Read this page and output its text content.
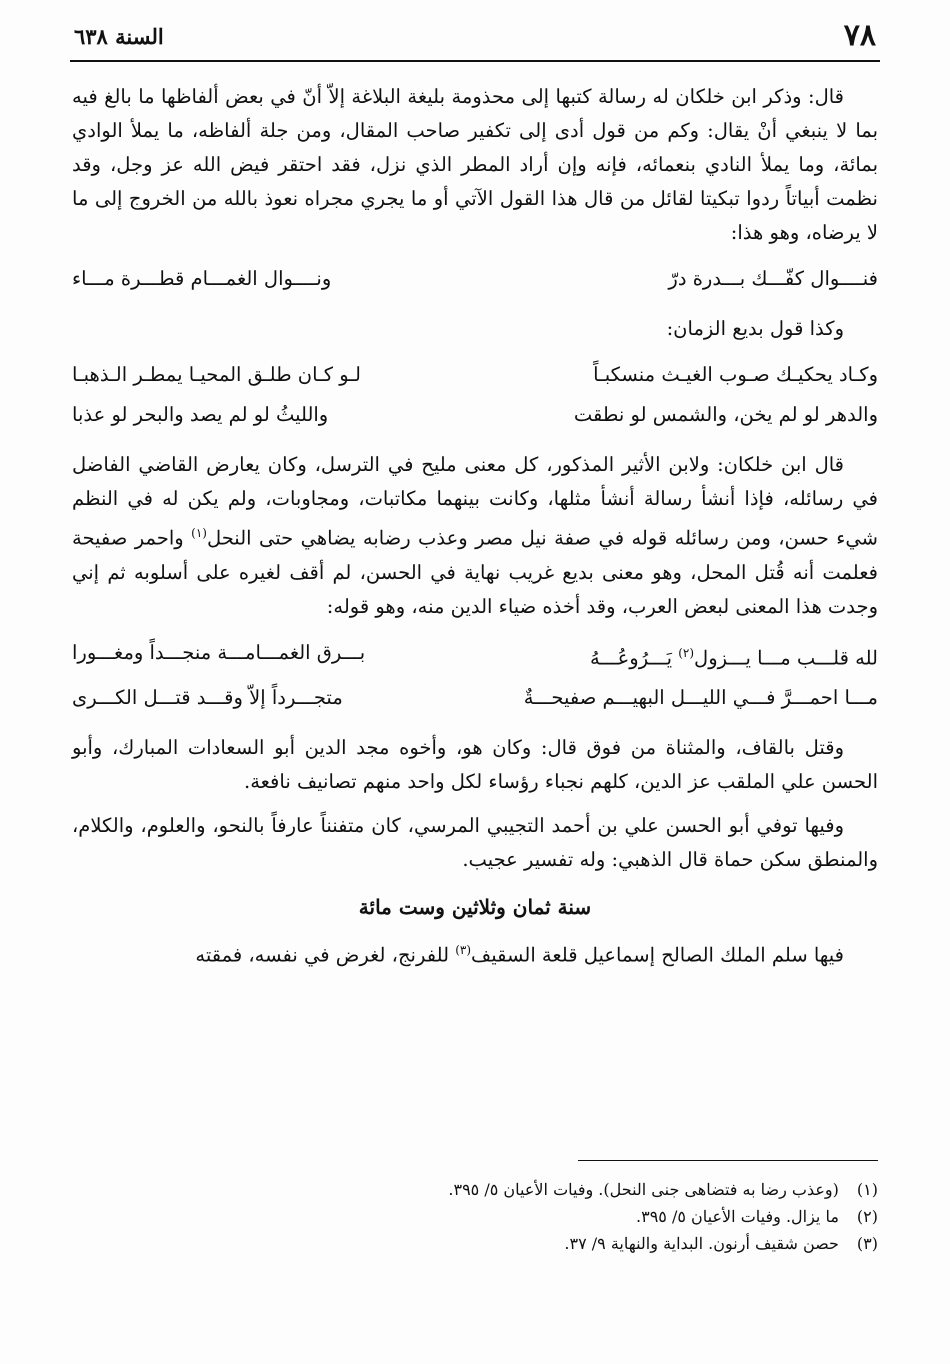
٧٨
السنة ٦٣٨

قال: وذكر ابن خلكان له رسالة كتبها إلى محذومة بليغة البلاغة إلاّ أنّ في بعض ألفاظها ما بالغ فيه بما لا ينبغي أنْ يقال: وكم من قول أدى إلى تكفير صاحب المقال، ومن جلة ألفاظه، ما يملأ الوادي بمائة، وما يملأ النادي بنعمائه، فإنه وإن أراد المطر الذي نزل، فقد احتقر فيض الله عز وجل، وقد نظمت أبياتاً ردوا تبكيتا لقائل من قال هذا القول الآتي أو ما يجري مجراه نعوذ بالله من الخروج إلى ما لا يرضاه، وهو هذا:

فنــــوال كفّـــك بـــدرة درّ
ونــــوال الغمـــام قطـــرة مـــاء

وكذا قول بديع الزمان:

وكـاد يحكيـك صـوب الغيـث منسكبـاً
لـو كـان طلـق المحيـا يمطـر الـذهبـا
والدهر لو لم يخن، والشمس لو نطقت
والليثُ لو لم يصد والبحر لو عذبا

قال ابن خلكان: ولابن الأثير المذكور، كل معنى مليح في الترسل، وكان يعارض القاضي الفاضل في رسائله، فإذا أنشأ رسالة أنشأ مثلها، وكانت بينهما مكاتبات، ومجاوبات، ولم يكن له في النظم شيء حسن، ومن رسائله قوله في صفة نيل مصر وعذب رضابه يضاهي حتى النحل$^{(١)}$ واحمر صفيحة فعلمت أنه قُتل المحل، وهو معنى بديع غريب نهاية في الحسن، لم أقف لغيره على أسلوبه ثم إني وجدت هذا المعنى لبعض العرب، وقد أخذه ضياء الدين منه، وهو قوله:

لله قلـــب مـــا يـــزول$^{(٢)}$ يَـــرُوعُـــهُ
بـــرق الغمـــامـــة منجـــداً ومغـــورا
مـــا احمـــرَّ فـــي الليـــل البهيـــم صفيحـــةٌ
متجـــرداً إلاّ وقـــد قتـــل الكـــرى

وقتل بالقاف، والمثناة من فوق قال: وكان هو، وأخوه مجد الدين أبو السعادات المبارك، وأبو الحسن علي الملقب عز الدين، كلهم نجباء رؤساء لكل واحد منهم تصانيف نافعة.

وفيها توفي أبو الحسن علي بن أحمد التجيبي المرسي، كان متفنناً عارفاً بالنحو، والعلوم، والكلام، والمنطق سكن حماة قال الذهبي: وله تفسير عجيب.

سنة ثمان وثلاثين وست مائة

فيها سلم الملك الصالح إسماعيل قلعة السقيف$^{(٣)}$ للفرنج، لغرض في نفسه، فمقته

(١) (وعذب رضا به فتضاهى جنى النحل). وفيات الأعيان ٥/ ٣٩٥.
(٢) ما يزال. وفيات الأعيان ٥/ ٣٩٥.
(٣) حصن شقيف أرنون. البداية والنهاية ٩/ ٣٧.
